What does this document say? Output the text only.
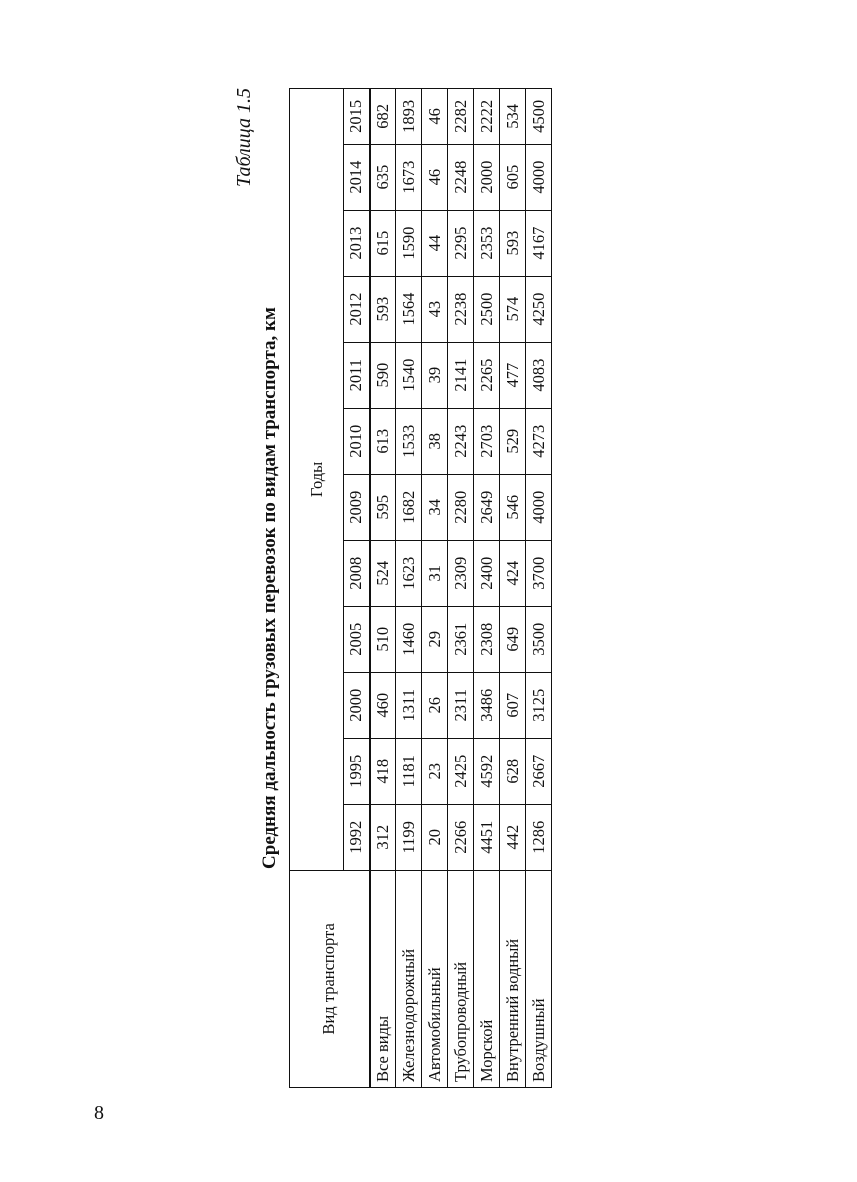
8
Средняя дальность грузовых перевозок по видам транспорта, км
Таблица 1.5
Вид транспорта	Годы											
	1992	1995	2000	2005	2008	2009	2010	2011	2012	2013	2014	2015
Все виды	312	418	460	510	524	595	613	590	593	615	635	682
Железнодорожный	1199	1181	1311	1460	1623	1682	1533	1540	1564	1590	1673	1893
Автомобильный	20	23	26	29	31	34	38	39	43	44	46	46
Трубопроводный	2266	2425	2311	2361	2309	2280	2243	2141	2238	2295	2248	2282
Морской	4451	4592	3486	2308	2400	2649	2703	2265	2500	2353	2000	2222
Внутренний водный	442	628	607	649	424	546	529	477	574	593	605	534
Воздушный	1286	2667	3125	3500	3700	4000	4273	4083	4250	4167	4000	4500
